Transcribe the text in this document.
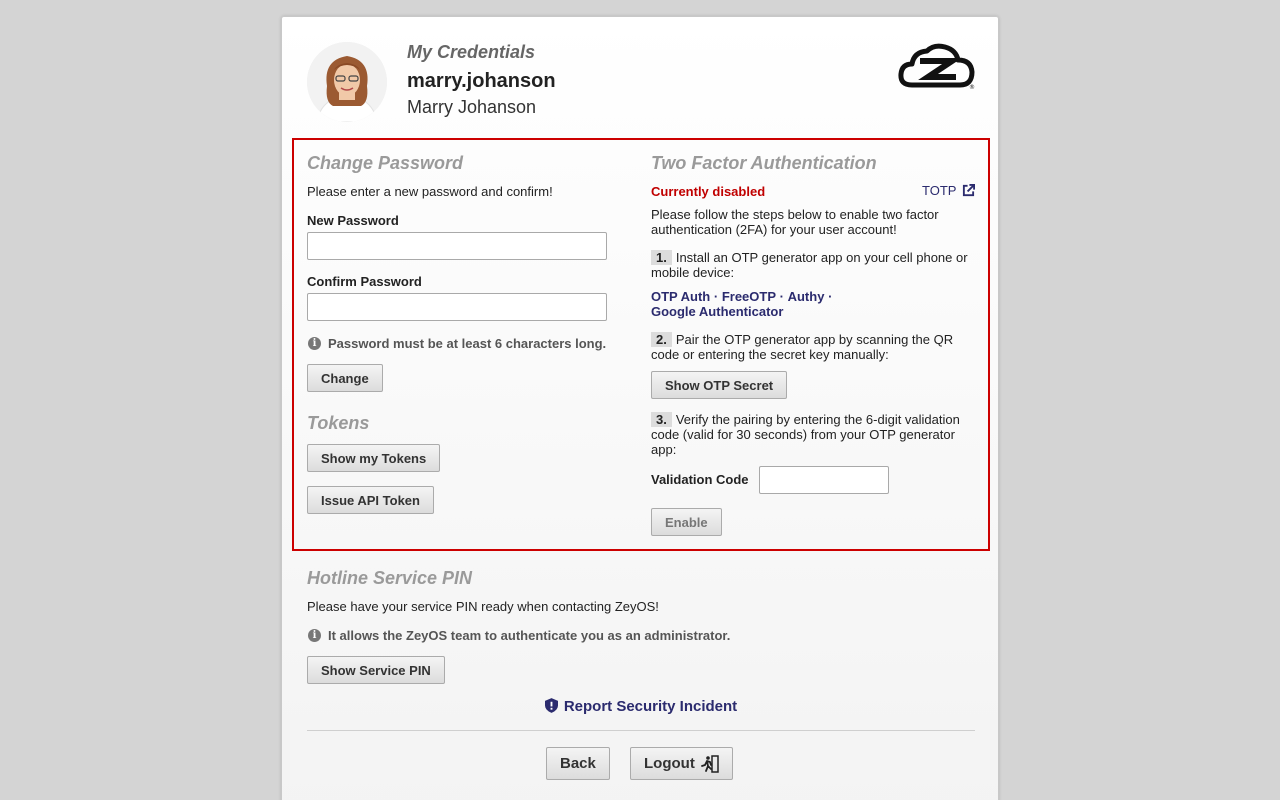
My Credentials
marry.johanson
Marry Johanson
®
Change Password
Please enter a new password and confirm!
New Password
Confirm Password
i Password must be at least 6 characters long.
Change
Tokens
Show my Tokens
Issue API Token
Two Factor Authentication
Currently disabled	TOTP
Please follow the steps below to enable two factor authentication (2FA) for your user account!
1. Install an OTP generator app on your cell phone or mobile device:
OTP Auth · FreeOTP · Authy ·
Google Authenticator
2. Pair the OTP generator app by scanning the QR code or entering the secret key manually:
Show OTP Secret
3. Verify the pairing by entering the 6-digit validation code (valid for 30 seconds) from your OTP generator app:
Validation Code
Enable
Hotline Service PIN
Please have your service PIN ready when contacting ZeyOS!
i It allows the ZeyOS team to authenticate you as an administrator.
Show Service PIN
Report Security Incident
Back	Logout
